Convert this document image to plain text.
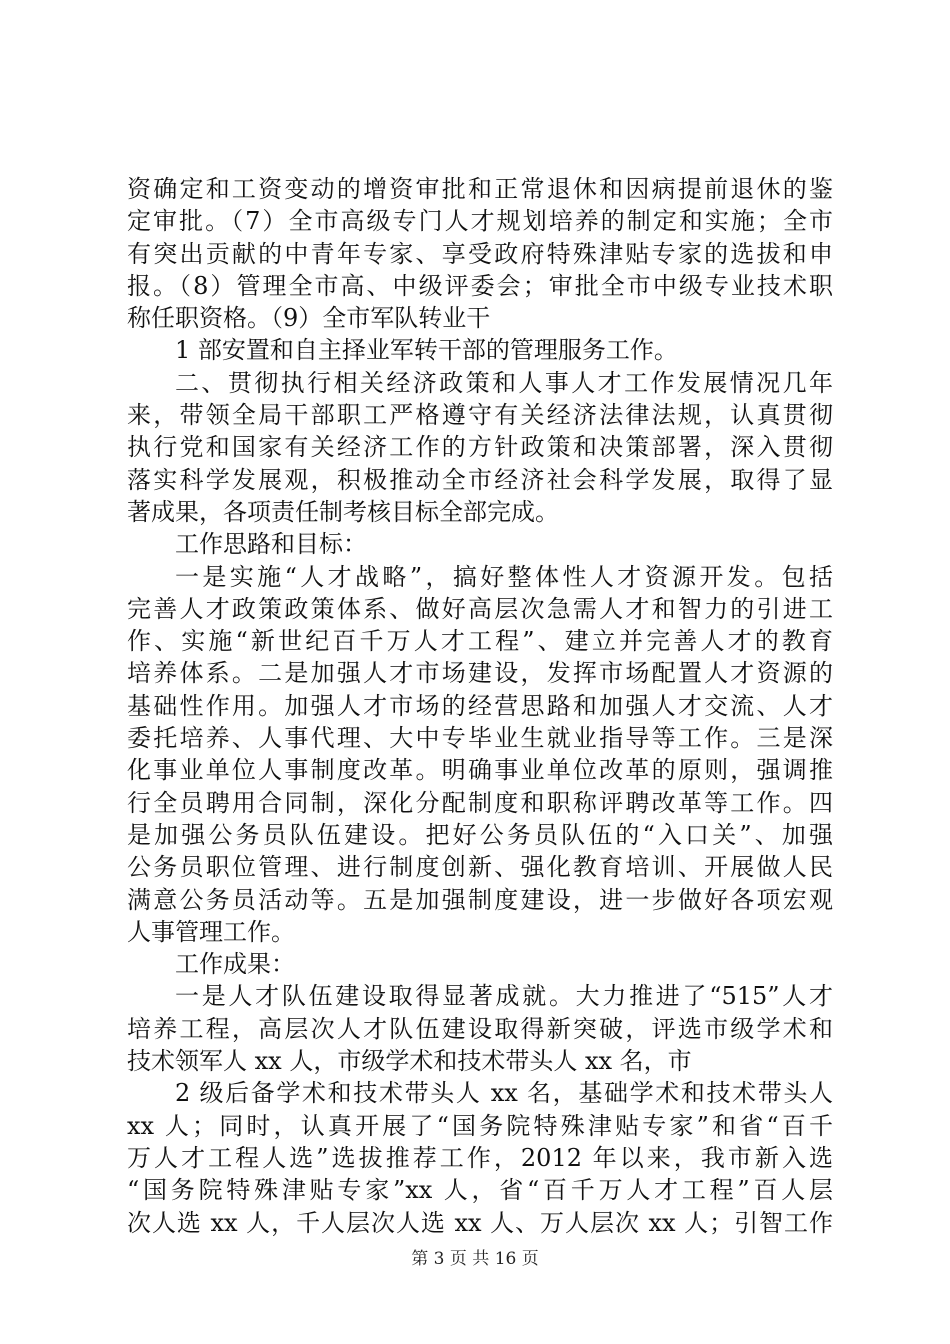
资确定和工资变动的增资审批和正常退休和因病提前退休的鉴
定审批。（7）全市高级专门人才规划培养的制定和实施；全市
有突出贡献的中青年专家、享受政府特殊津贴专家的选拔和申
报。（8）管理全市高、中级评委会；审批全市中级专业技术职
称任职资格。（9）全市军队转业干
1 部安置和自主择业军转干部的管理服务工作。
二、贯彻执行相关经济政策和人事人才工作发展情况几年
来，带领全局干部职工严格遵守有关经济法律法规，认真贯彻
执行党和国家有关经济工作的方针政策和决策部署，深入贯彻
落实科学发展观，积极推动全市经济社会科学发展，取得了显
著成果，各项责任制考核目标全部完成。
工作思路和目标：
一是实施“人才战略”，搞好整体性人才资源开发。包括
完善人才政策政策体系、做好高层次急需人才和智力的引进工
作、实施“新世纪百千万人才工程”、建立并完善人才的教育
培养体系。二是加强人才市场建设，发挥市场配置人才资源的
基础性作用。加强人才市场的经营思路和加强人才交流、人才
委托培养、人事代理、大中专毕业生就业指导等工作。三是深
化事业单位人事制度改革。明确事业单位改革的原则，强调推
行全员聘用合同制，深化分配制度和职称评聘改革等工作。四
是加强公务员队伍建设。把好公务员队伍的“入口关”、加强
公务员职位管理、进行制度创新、强化教育培训、开展做人民
满意公务员活动等。五是加强制度建设，进一步做好各项宏观
人事管理工作。
工作成果：
一是人才队伍建设取得显著成就。大力推进了“515”人才
培养工程，高层次人才队伍建设取得新突破，评选市级学术和
技术领军人 xx 人，市级学术和技术带头人 xx 名，市
2 级后备学术和技术带头人 xx 名，基础学术和技术带头人
xx 人；同时，认真开展了“国务院特殊津贴专家”和省“百千
万人才工程人选”选拔推荐工作，2012 年以来，我市新入选
“国务院特殊津贴专家”xx 人，省“百千万人才工程”百人层
次人选 xx 人，千人层次人选 xx 人、万人层次 xx 人；引智工作
第 3 页 共 16 页
